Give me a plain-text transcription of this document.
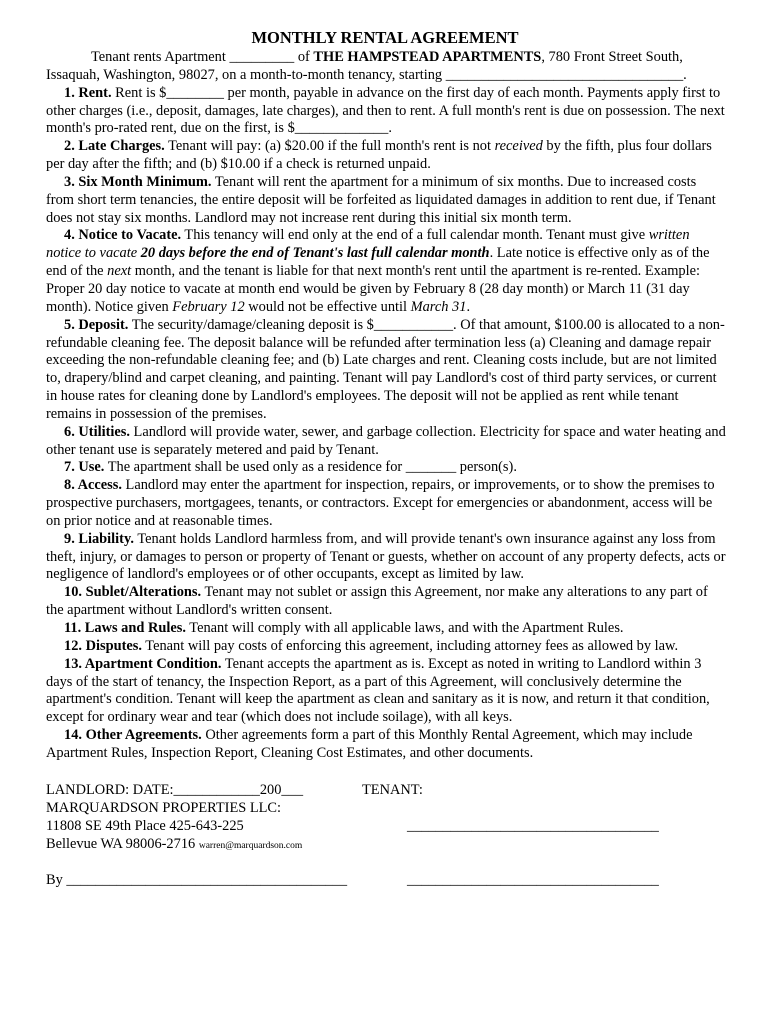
MONTHLY RENTAL AGREEMENT

Tenant rents Apartment _________ of THE HAMPSTEAD APARTMENTS, 780 Front Street South, Issaquah, Washington, 98027, on a month-to-month tenancy, starting _________________________________.

1. Rent. Rent is $________ per month, payable in advance on the first day of each month. Payments apply first to other charges (i.e., deposit, damages, late charges), and then to rent. A full month's rent is due on possession. The next month's pro-rated rent, due on the first, is $_____________.

2. Late Charges. Tenant will pay: (a) $20.00 if the full month's rent is not received by the fifth, plus four dollars per day after the fifth; and (b) $10.00 if a check is returned unpaid.

3. Six Month Minimum. Tenant will rent the apartment for a minimum of six months. Due to increased costs from short term tenancies, the entire deposit will be forfeited as liquidated damages in addition to rent due, if Tenant does not stay six months. Landlord may not increase rent during this initial six month term.

4. Notice to Vacate. This tenancy will end only at the end of a full calendar month. Tenant must give written notice to vacate 20 days before the end of Tenant's last full calendar month. Late notice is effective only as of the end of the next month, and the tenant is liable for that next month's rent until the apartment is re-rented. Example: Proper 20 day notice to vacate at month end would be given by February 8 (28 day month) or March 11 (31 day month). Notice given February 12 would not be effective until March 31.

5. Deposit. The security/damage/cleaning deposit is $___________. Of that amount, $100.00 is allocated to a non-refundable cleaning fee. The deposit balance will be refunded after termination less (a) Cleaning and damage repair exceeding the non-refundable cleaning fee; and (b) Late charges and rent. Cleaning costs include, but are not limited to, drapery/blind and carpet cleaning, and painting. Tenant will pay Landlord's cost of third party services, or current in house rates for cleaning done by Landlord's employees. The deposit will not be applied as rent while tenant remains in possession of the premises.

6. Utilities. Landlord will provide water, sewer, and garbage collection. Electricity for space and water heating and other tenant use is separately metered and paid by Tenant.

7. Use. The apartment shall be used only as a residence for _______ person(s).

8. Access. Landlord may enter the apartment for inspection, repairs, or improvements, or to show the premises to prospective purchasers, mortgagees, tenants, or contractors. Except for emergencies or abandonment, access will be on prior notice and at reasonable times.

9. Liability. Tenant holds Landlord harmless from, and will provide tenant's own insurance against any loss from theft, injury, or damages to person or property of Tenant or guests, whether on account of any property defects, acts or negligence of landlord's employees or of other occupants, except as limited by law.

10. Sublet/Alterations. Tenant may not sublet or assign this Agreement, nor make any alterations to any part of the apartment without Landlord's written consent.

11. Laws and Rules. Tenant will comply with all applicable laws, and with the Apartment Rules.

12. Disputes. Tenant will pay costs of enforcing this agreement, including attorney fees as allowed by law.

13. Apartment Condition. Tenant accepts the apartment as is. Except as noted in writing to Landlord within 3 days of the start of tenancy, the Inspection Report, as a part of this Agreement, will conclusively determine the apartment's condition. Tenant will keep the apartment as clean and sanitary as it is now, and return it that condition, except for ordinary wear and tear (which does not include soilage), with all keys.

14. Other Agreements. Other agreements form a part of this Monthly Rental Agreement, which may include Apartment Rules, Inspection Report, Cleaning Cost Estimates, and other documents.

LANDLORD: DATE:____________200___	TENANT:
MARQUARDSON PROPERTIES LLC:
11808 SE 49th Place 425-643-225	___________________________________
Bellevue WA 98006-2716 warren@marquardson.com
By _______________________________________	___________________________________
